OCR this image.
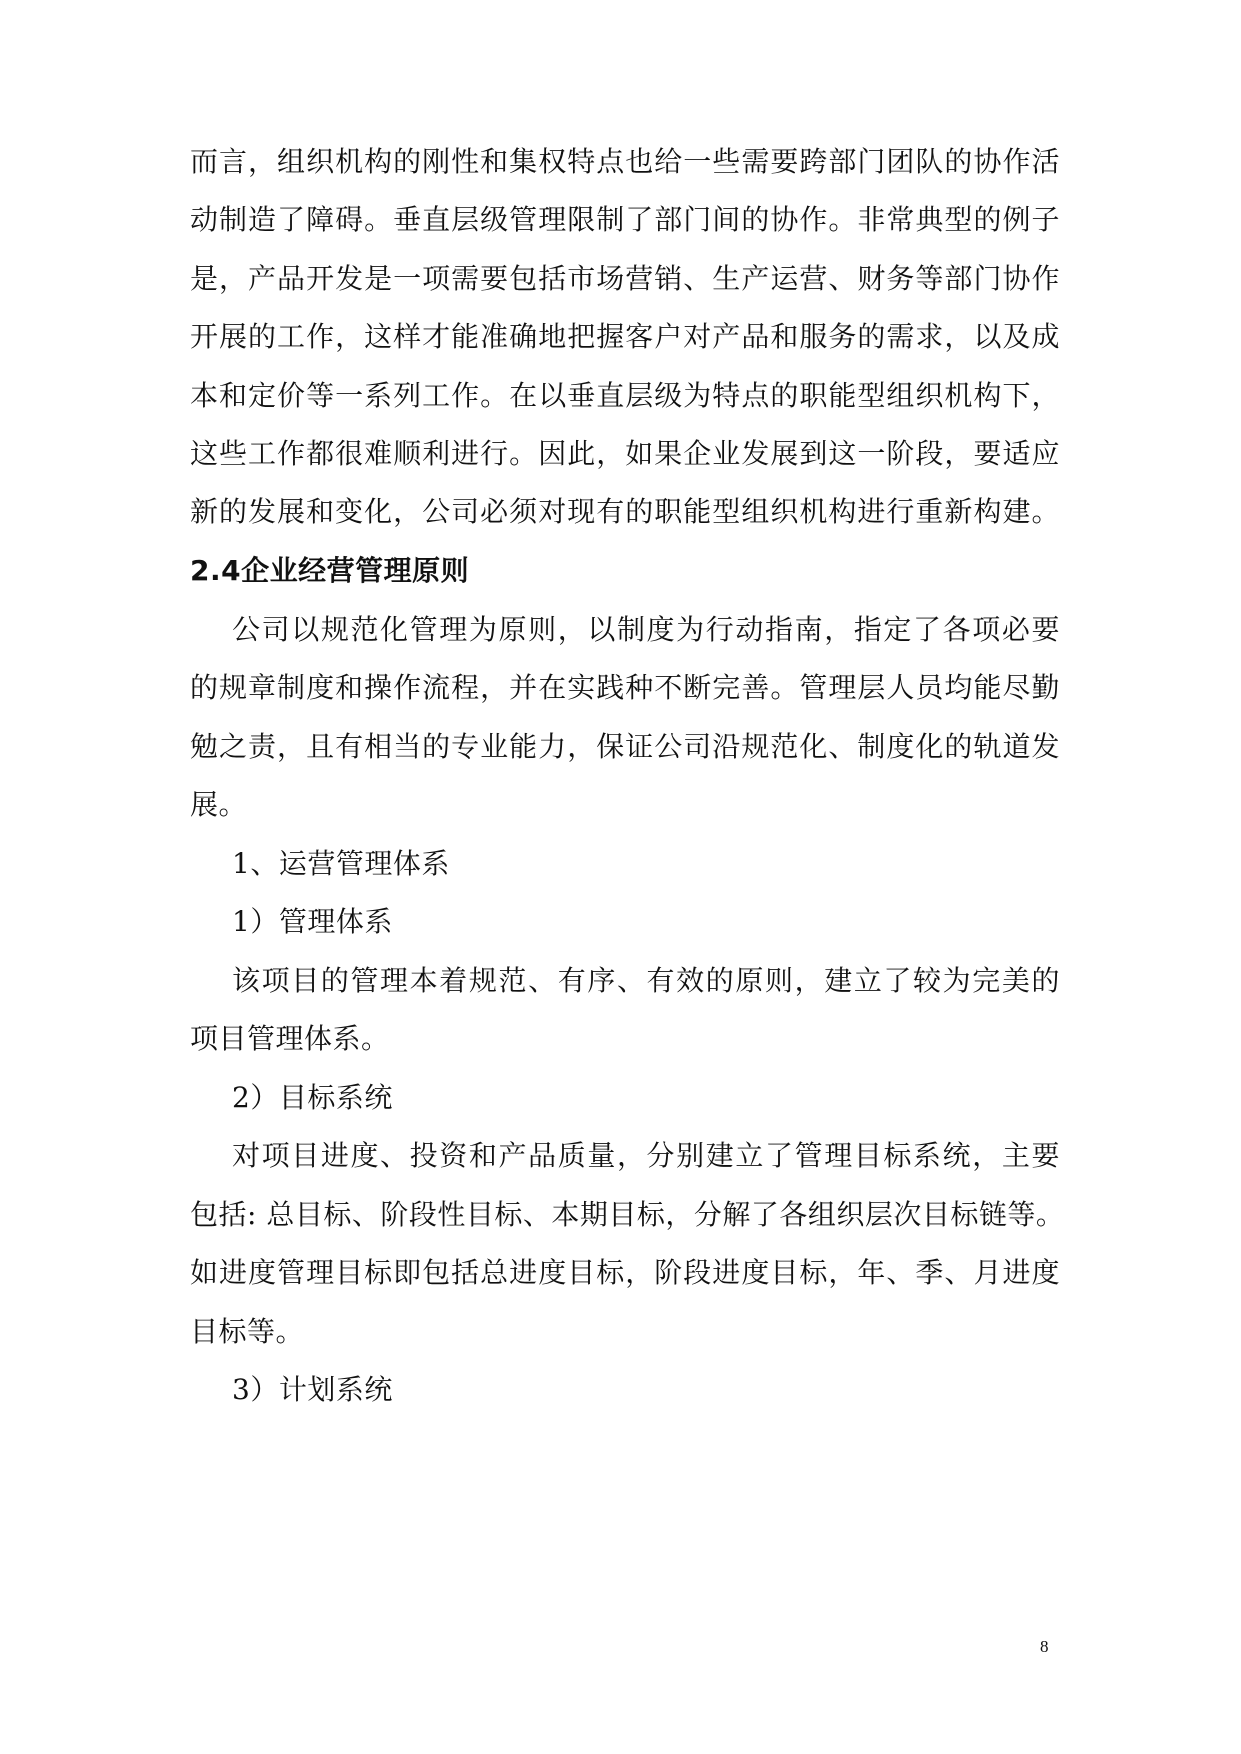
而言，组织机构的刚性和集权特点也给一些需要跨部门团队的协作活
动制造了障碍。垂直层级管理限制了部门间的协作。非常典型的例子
是，产品开发是一项需要包括市场营销、生产运营、财务等部门协作
开展的工作，这样才能准确地把握客户对产品和服务的需求，以及成
本和定价等一系列工作。在以垂直层级为特点的职能型组织机构下，
这些工作都很难顺利进行。因此，如果企业发展到这一阶段，要适应
新的发展和变化，公司必须对现有的职能型组织机构进行重新构建。
2.4企业经营管理原则
公司以规范化管理为原则，以制度为行动指南，指定了各项必要
的规章制度和操作流程，并在实践种不断完善。管理层人员均能尽勤
勉之责，且有相当的专业能力，保证公司沿规范化、制度化的轨道发
展。
1、运营管理体系
1）管理体系
该项目的管理本着规范、有序、有效的原则，建立了较为完美的
项目管理体系。
2）目标系统
对项目进度、投资和产品质量，分别建立了管理目标系统，主要
包括: 总目标、阶段性目标、本期目标，分解了各组织层次目标链等。
如进度管理目标即包括总进度目标，阶段进度目标，年、季、月进度
目标等。
3）计划系统
8
